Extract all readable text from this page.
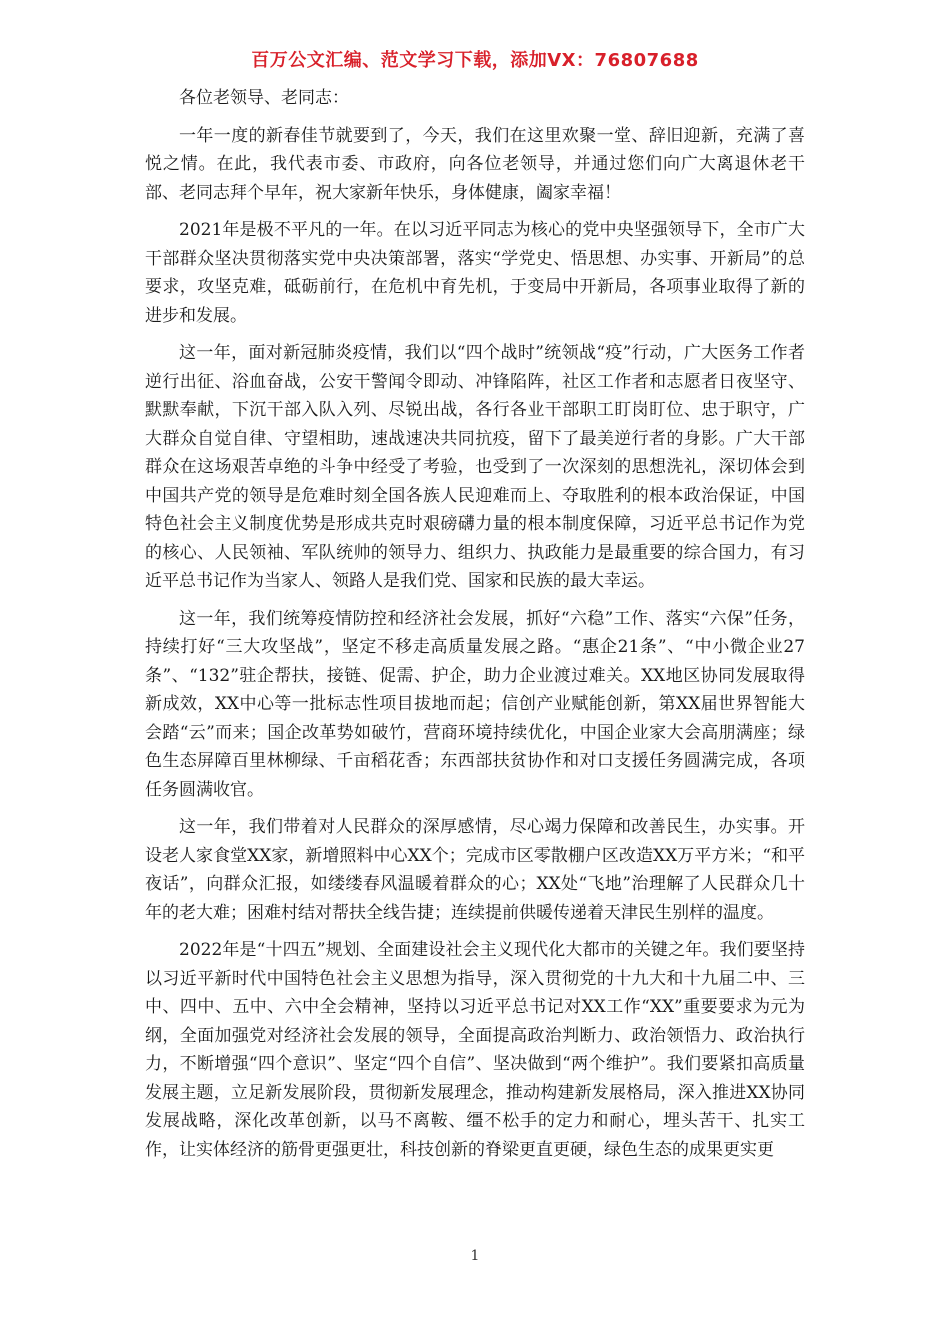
百万公文汇编、范文学习下载，添加VX：76807688

各位老领导、老同志：

一年一度的新春佳节就要到了，今天，我们在这里欢聚一堂、辞旧迎新，充满了喜悦之情。在此，我代表市委、市政府，向各位老领导，并通过您们向广大离退休老干部、老同志拜个早年，祝大家新年快乐，身体健康，阖家幸福！

2021年是极不平凡的一年。在以习近平同志为核心的党中央坚强领导下，全市广大干部群众坚决贯彻落实党中央决策部署，落实“学党史、悟思想、办实事、开新局”的总要求，攻坚克难，砥砺前行，在危机中育先机，于变局中开新局，各项事业取得了新的进步和发展。

这一年，面对新冠肺炎疫情，我们以“四个战时”统领战“疫”行动，广大医务工作者逆行出征、浴血奋战，公安干警闻令即动、冲锋陷阵，社区工作者和志愿者日夜坚守、默默奉献，下沉干部入队入列、尽锐出战，各行各业干部职工盯岗盯位、忠于职守，广大群众自觉自律、守望相助，速战速决共同抗疫，留下了最美逆行者的身影。广大干部群众在这场艰苦卓绝的斗争中经受了考验，也受到了一次深刻的思想洗礼，深切体会到中国共产党的领导是危难时刻全国各族人民迎难而上、夺取胜利的根本政治保证，中国特色社会主义制度优势是形成共克时艰磅礴力量的根本制度保障，习近平总书记作为党的核心、人民领袖、军队统帅的领导力、组织力、执政能力是最重要的综合国力，有习近平总书记作为当家人、领路人是我们党、国家和民族的最大幸运。

这一年，我们统筹疫情防控和经济社会发展，抓好“六稳”工作、落实“六保”任务，持续打好“三大攻坚战”，坚定不移走高质量发展之路。“惠企21条”、“中小微企业27条”、“132”驻企帮扶，接链、促需、护企，助力企业渡过难关。XX地区协同发展取得新成效，XX中心等一批标志性项目拔地而起；信创产业赋能创新，第XX届世界智能大会踏“云”而来；国企改革势如破竹，营商环境持续优化，中国企业家大会高朋满座；绿色生态屏障百里林柳绿、千亩稻花香；东西部扶贫协作和对口支援任务圆满完成，各项任务圆满收官。

这一年，我们带着对人民群众的深厚感情，尽心竭力保障和改善民生，办实事。开设老人家食堂XX家，新增照料中心XX个；完成市区零散棚户区改造XX万平方米；“和平夜话”，向群众汇报，如缕缕春风温暖着群众的心；XX处“飞地”治理解了人民群众几十年的老大难；困难村结对帮扶全线告捷；连续提前供暖传递着天津民生别样的温度。

2022年是“十四五”规划、全面建设社会主义现代化大都市的关键之年。我们要坚持以习近平新时代中国特色社会主义思想为指导，深入贯彻党的十九大和十九届二中、三中、四中、五中、六中全会精神，坚持以习近平总书记对XX工作“XX”重要要求为元为纲，全面加强党对经济社会发展的领导，全面提高政治判断力、政治领悟力、政治执行力，不断增强“四个意识”、坚定“四个自信”、坚决做到“两个维护”。我们要紧扣高质量发展主题，立足新发展阶段，贯彻新发展理念，推动构建新发展格局，深入推进XX协同发展战略，深化改革创新，以马不离鞍、缰不松手的定力和耐心，埋头苦干、扎实工作，让实体经济的筋骨更强更壮，科技创新的脊梁更直更硬，绿色生态的成果更实更

1
